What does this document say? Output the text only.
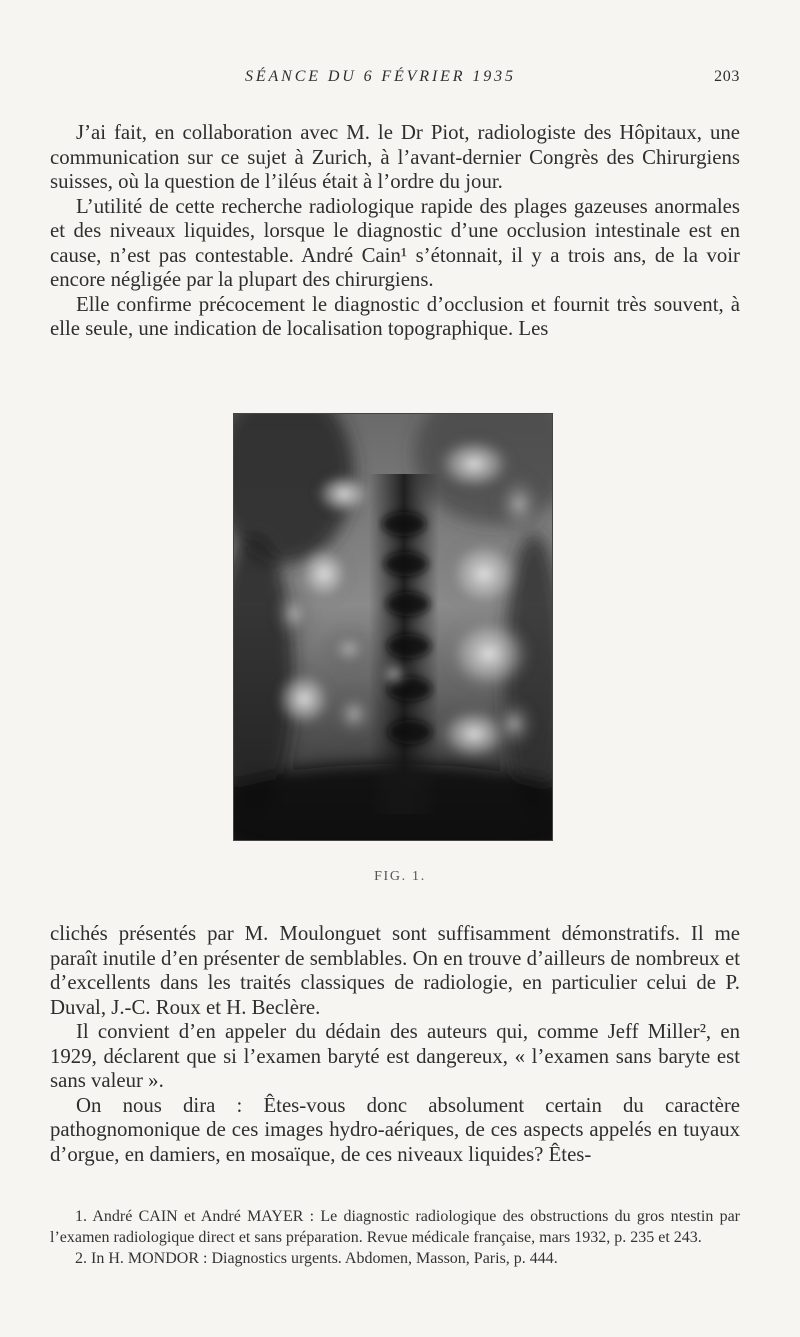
SÉANCE DU 6 FÉVRIER 1935	203

J’ai fait, en collaboration avec M. le Dr Piot, radiologiste des Hôpitaux, une communication sur ce sujet à Zurich, à l’avant-dernier Congrès des Chirurgiens suisses, où la question de l’iléus était à l’ordre du jour.

L’utilité de cette recherche radiologique rapide des plages gazeuses anormales et des niveaux liquides, lorsque le diagnostic d’une occlusion intestinale est en cause, n’est pas contestable. André Cain¹ s’étonnait, il y a trois ans, de la voir encore négligée par la plupart des chirurgiens.

Elle confirme précocement le diagnostic d’occlusion et fournit très souvent, à elle seule, une indication de localisation topographique. Les

FIG. 1.

clichés présentés par M. Moulonguet sont suffisamment démonstratifs. Il me paraît inutile d’en présenter de semblables. On en trouve d’ailleurs de nombreux et d’excellents dans les traités classiques de radiologie, en particulier celui de P. Duval, J.-C. Roux et H. Beclère.

Il convient d’en appeler du dédain des auteurs qui, comme Jeff Miller², en 1929, déclarent que si l’examen baryté est dangereux, « l’examen sans baryte est sans valeur ».

On nous dira : Êtes-vous donc absolument certain du caractère pathognomonique de ces images hydro-aériques, de ces aspects appelés en tuyaux d’orgue, en damiers, en mosaïque, de ces niveaux liquides? Êtes-

1. André CAIN et André MAYER : Le diagnostic radiologique des obstructions du gros ntestin par l’examen radiologique direct et sans préparation. Revue médicale française, mars 1932, p. 235 et 243.

2. In H. MONDOR : Diagnostics urgents. Abdomen, Masson, Paris, p. 444.
